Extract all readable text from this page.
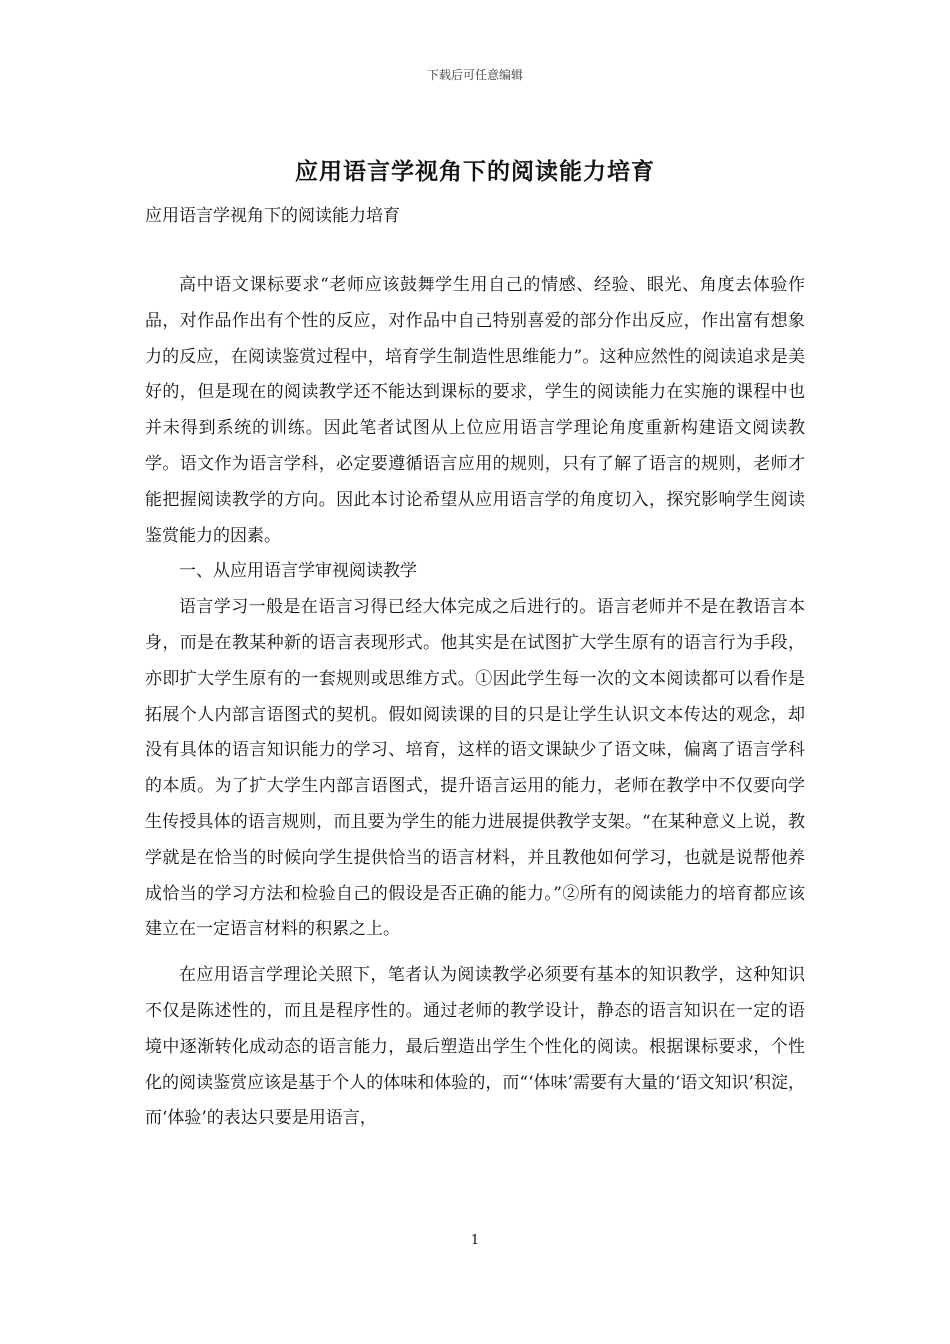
下载后可任意编辑
应用语言学视角下的阅读能力培育
应用语言学视角下的阅读能力培育

高中语文课标要求“老师应该鼓舞学生用自己的情感、经验、眼光、角度去体验作品，对作品作出有个性的反应，对作品中自己特别喜爱的部分作出反应，作出富有想象力的反应，在阅读鉴赏过程中，培育学生制造性思维能力”。这种应然性的阅读追求是美好的，但是现在的阅读教学还不能达到课标的要求，学生的阅读能力在实施的课程中也并未得到系统的训练。因此笔者试图从上位应用语言学理论角度重新构建语文阅读教学。语文作为语言学科，必定要遵循语言应用的规则，只有了解了语言的规则，老师才能把握阅读教学的方向。因此本讨论希望从应用语言学的角度切入，探究影响学生阅读鉴赏能力的因素。

一、从应用语言学审视阅读教学

语言学习一般是在语言习得已经大体完成之后进行的。语言老师并不是在教语言本身，而是在教某种新的语言表现形式。他其实是在试图扩大学生原有的语言行为手段，亦即扩大学生原有的一套规则或思维方式。①因此学生每一次的文本阅读都可以看作是拓展个人内部言语图式的契机。假如阅读课的目的只是让学生认识文本传达的观念，却没有具体的语言知识能力的学习、培育，这样的语文课缺少了语文味，偏离了语言学科的本质。为了扩大学生内部言语图式，提升语言运用的能力，老师在教学中不仅要向学生传授具体的语言规则，而且要为学生的能力进展提供教学支架。“在某种意义上说，教学就是在恰当的时候向学生提供恰当的语言材料，并且教他如何学习，也就是说帮他养成恰当的学习方法和检验自己的假设是否正确的能力。”②所有的阅读能力的培育都应该建立在一定语言材料的积累之上。

在应用语言学理论关照下，笔者认为阅读教学必须要有基本的知识教学，这种知识不仅是陈述性的，而且是程序性的。通过老师的教学设计，静态的语言知识在一定的语境中逐渐转化成动态的语言能力，最后塑造出学生个性化的阅读。根据课标要求，个性化的阅读鉴赏应该是基于个人的体味和体验的，而“‘体味’需要有大量的‘语文知识’积淀，而‘体验’的表达只要是用语言，

1
